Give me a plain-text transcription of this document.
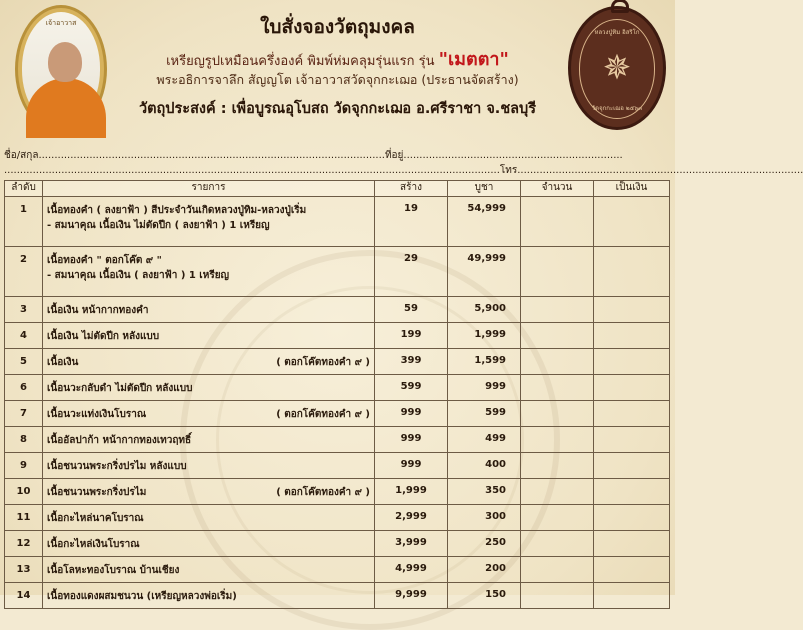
เจ้าอาวาส
หลวงปู่ทิม อิสริโก
✵
วัดจุกกะเฌอ ๒๕๖๓
ใบสั่งจองวัตถุมงคล
เหรียญรูปเหมือนครึ่งองค์ พิมพ์ห่มคลุมรุ่นแรก รุ่น "เมตตา"
พระอธิการจาลึก สัญญโต เจ้าอาวาสวัดจุกกะเฌอ (ประธานจัดสร้าง)
วัตถุประสงค์ : เพื่อบูรณอุโบสถ วัดจุกกะเฌอ อ.ศรีราชา จ.ชลบุรี
ชื่อ/สกุล.............................................................................................................ที่อยู่.....................................................................
............................................................................................................................................................โทร..........................................................................................
ลำดับ	รายการ	สร้าง	บูชา	จำนวน	เป็นเงิน
1	เนื้อทองคำ ( ลงยาฟ้า ) สีประจำวันเกิดหลวงปู่ทิม-หลวงปู่เริ่ม
- สมนาคุณ เนื้อเงิน ไม่ตัดปีก ( ลงยาฟ้า ) 1 เหรียญ	19	54,999		
2	เนื้อทองคำ " ตอกโค๊ต ๙ "
- สมนาคุณ เนื้อเงิน ( ลงยาฟ้า ) 1 เหรียญ	29	49,999		
3	เนื้อเงิน หน้ากากทองคำ	59	5,900		
4	เนื้อเงิน ไม่ตัดปีก หลังแบบ	199	1,999		
5	เนื้อเงิน ( ตอกโค๊ตทองคำ ๙ )	399	1,599		
6	เนื้อนวะกลับดำ ไม่ตัดปีก หลังแบบ	599	999		
7	เนื้อนวะแท่งเงินโบราณ ( ตอกโค๊ตทองคำ ๙ )	999	599		
8	เนื้ออัลปาก้า หน้ากากทองเทวฤทธิ์	999	499		
9	เนื้อชนวนพระกริ่งปรไม หลังแบบ	999	400		
10	เนื้อชนวนพระกริ่งปรไม ( ตอกโค๊ตทองคำ ๙ )	1,999	350		
11	เนื้อกะไหล่นาคโบราณ	2,999	300		
12	เนื้อกะไหล่เงินโบราณ	3,999	250		
13	เนื้อโลหะทองโบราณ บ้านเชียง	4,999	200		
14	เนื้อทองแดงผสมชนวน (เหรียญหลวงพ่อเริ่ม)	9,999	150		
